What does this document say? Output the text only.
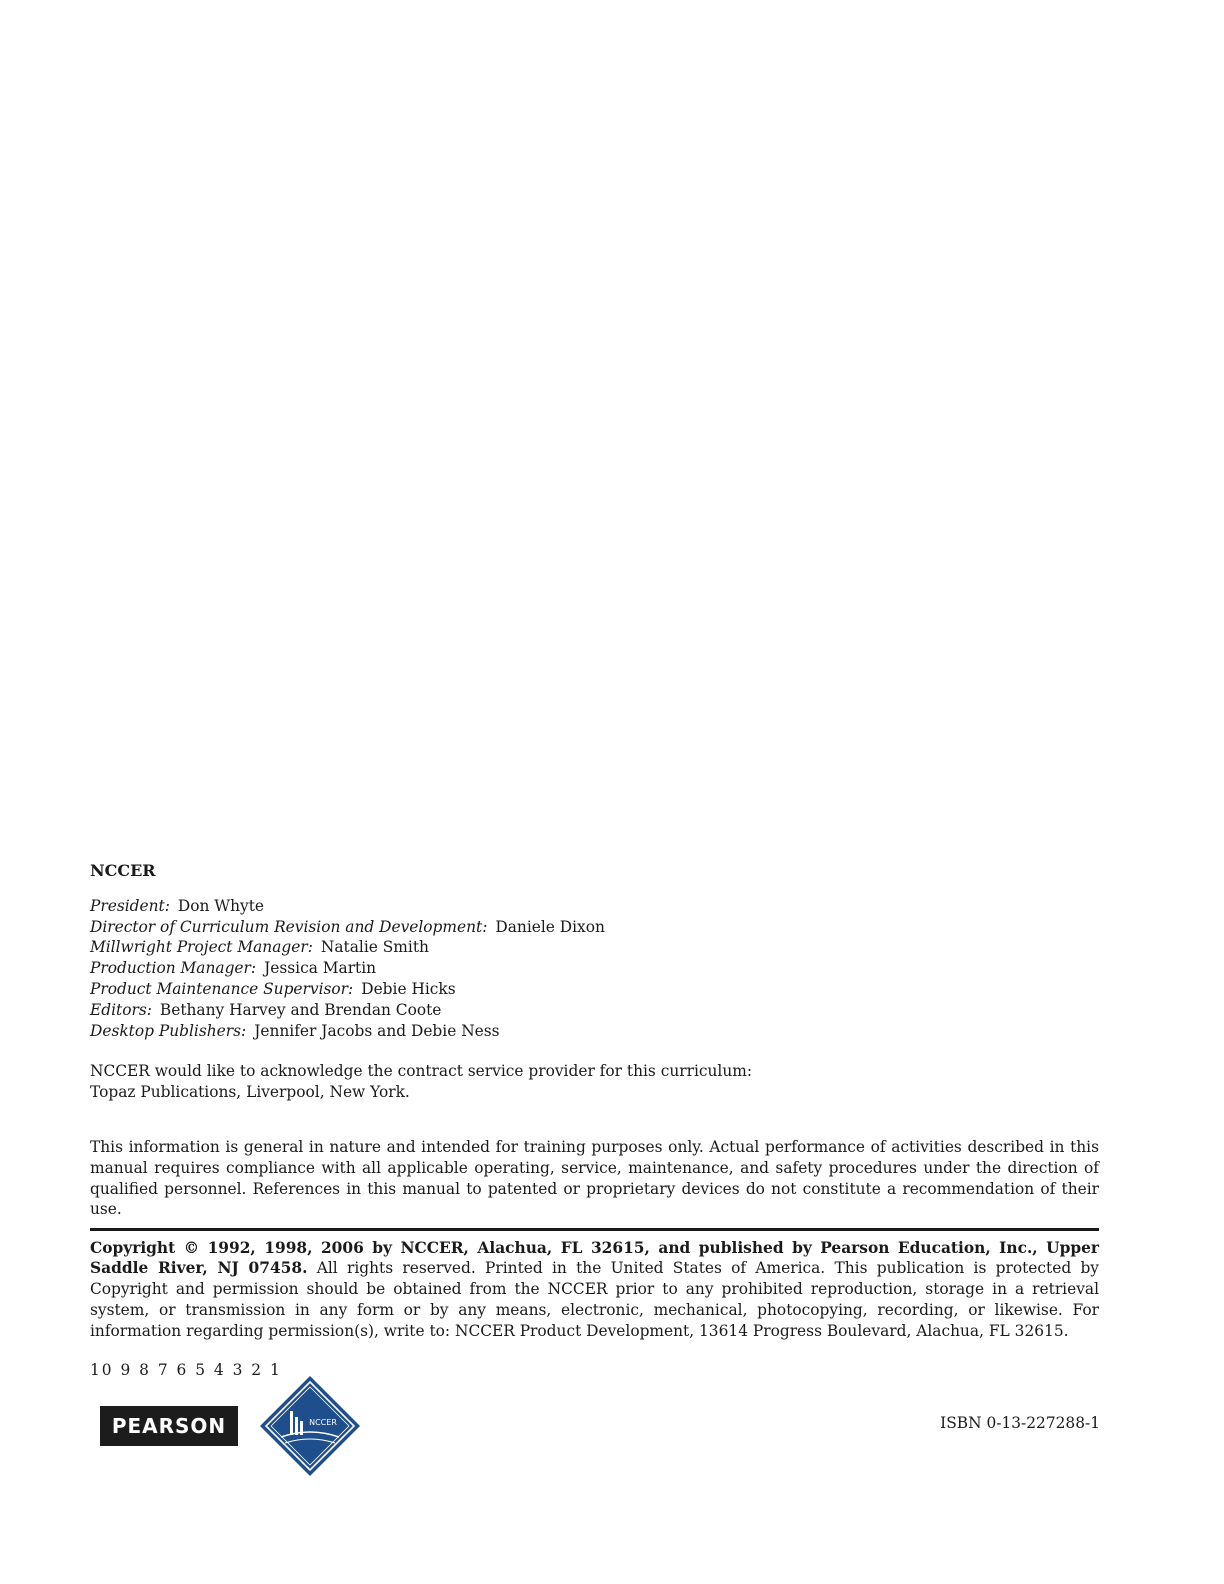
NCCER
President: Don Whyte
Director of Curriculum Revision and Development: Daniele Dixon
Millwright Project Manager: Natalie Smith
Production Manager: Jessica Martin
Product Maintenance Supervisor: Debie Hicks
Editors: Bethany Harvey and Brendan Coote
Desktop Publishers: Jennifer Jacobs and Debie Ness
NCCER would like to acknowledge the contract service provider for this curriculum:
Topaz Publications, Liverpool, New York.
This information is general in nature and intended for training purposes only. Actual performance of activities described in this manual requires compliance with all applicable operating, service, maintenance, and safety procedures under the direction of qualified personnel. References in this manual to patented or proprietary devices do not constitute a recommendation of their use.
Copyright © 1992, 1998, 2006 by NCCER, Alachua, FL 32615, and published by Pearson Education, Inc., Upper Saddle River, NJ 07458. All rights reserved. Printed in the United States of America. This publication is protected by Copyright and permission should be obtained from the NCCER prior to any prohibited reproduction, storage in a retrieval system, or transmission in any form or by any means, electronic, mechanical, photocopying, recording, or likewise. For information regarding permission(s), write to: NCCER Product Development, 13614 Progress Boulevard, Alachua, FL 32615.
10 9 8 7 6 5 4 3 2 1
PEARSON	NCCER	ISBN 0-13-227288-1
